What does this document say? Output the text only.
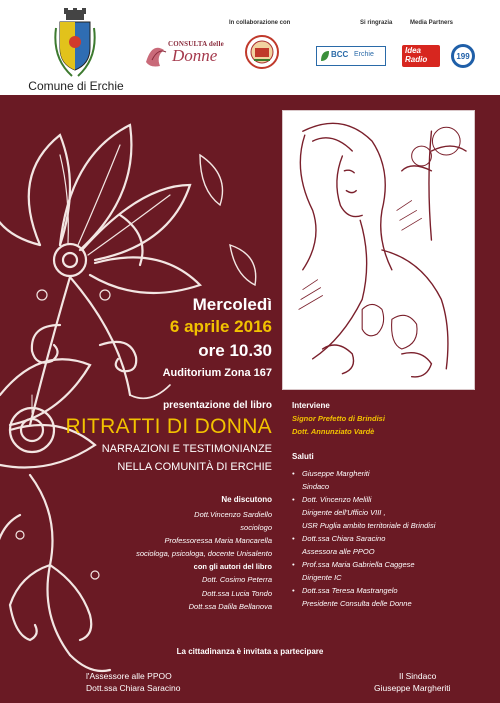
Comune di Erchie
In collaborazione con	Si ringrazia	Media Partners
CONSULTA delle
Donne	BCC Erchie	Idea
Radio	199
Mercoledì
6 aprile 2016
ore 10.30
Auditorium Zona 167
presentazione del libro
RITRATTI DI DONNA
NARRAZIONI E TESTIMONIANZE
NELLA COMUNITÀ DI ERCHIE
Ne discutono
Dott.Vincenzo Sardiello
sociologo
Professoressa Maria Mancarella
sociologa, psicologa, docente Unisalento
con gli autori del libro
Dott. Cosimo Peterra
Dott.ssa Lucia Tondo
Dott.ssa Dalila Bellanova
Interviene
Signor Prefetto di Brindisi
Dott. Annunziato Vardè
Saluti
• Giuseppe Margheriti
Sindaco
• Dott. Vincenzo Melilli
Dirigente dell'Ufficio VIII ,
USR Puglia ambito territoriale di Brindisi
• Dott.ssa Chiara Saracino
Assessora alle PPOO
• Prof.ssa Maria Gabriella Caggese
Dirigente IC
• Dott.ssa Teresa Mastrangelo
Presidente Consulta delle Donne
La cittadinanza è invitata a partecipare
l'Assessore alle PPOO
Dott.ssa Chiara Saracino
Il Sindaco
Giuseppe Margheriti
